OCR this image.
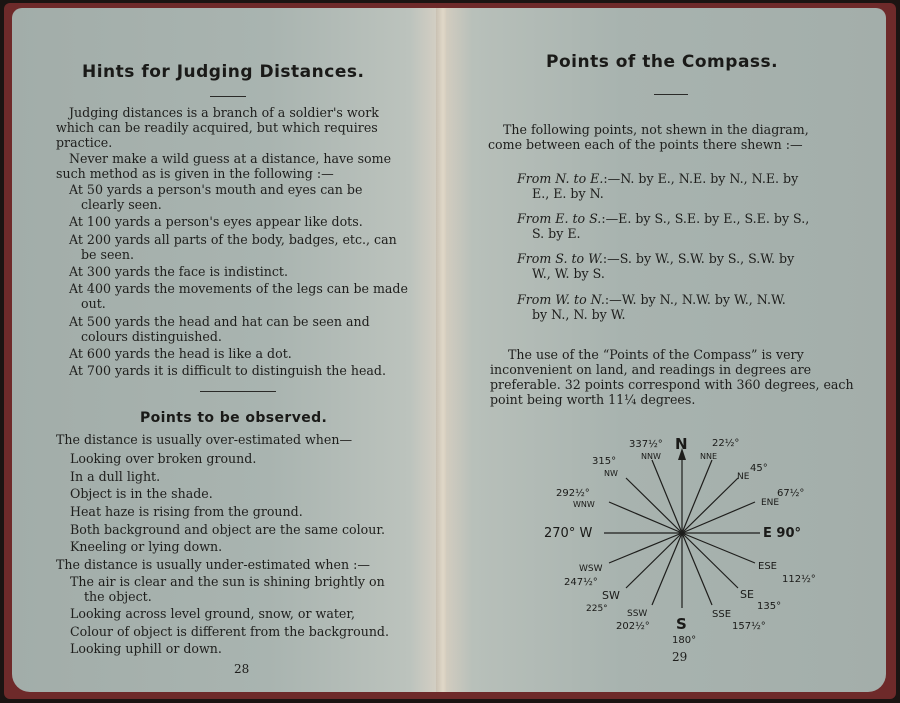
Hints for Judging Distances.
Judging distances is a branch of a soldier's work
which can be readily acquired, but which requires
practice.
Never make a wild guess at a distance, have some
such method as is given in the following :—
At 50 yards a person's mouth and eyes can be
clearly seen.
At 100 yards a person's eyes appear like dots.
At 200 yards all parts of the body, badges, etc., can
be seen.
At 300 yards the face is indistinct.
At 400 yards the movements of the legs can be made
out.
At 500 yards the head and hat can be seen and
colours distinguished.
At 600 yards the head is like a dot.
At 700 yards it is difficult to distinguish the head.
Points to be observed.
The distance is usually over-estimated when—
Looking over broken ground.
In a dull light.
Object is in the shade.
Heat haze is rising from the ground.
Both background and object are the same colour.
Kneeling or lying down.
The distance is usually under-estimated when :—
The air is clear and the sun is shining brightly on
the object.
Looking across level ground, snow, or water,
Colour of object is different from the background.
Looking uphill or down.
28
Points of the Compass.
The following points, not shewn in the diagram,
come between each of the points there shewn :—
From N. to E.:—N. by E., N.E. by N., N.E. by
E., E. by N.
From E. to S.:—E. by S., S.E. by E., S.E. by S.,
S. by E.
From S. to W.:—S. by W., S.W. by S., S.W. by
W., W. by S.
From W. to N.:—W. by N., N.W. by W., N.W.
by N., N. by W.
The use of the “Points of the Compass” is very
inconvenient on land, and readings in degrees are
preferable. 32 points correspond with 360 degrees, each
point being worth 11¼ degrees.
N
E 90°
S
180°
270° W
22½°
NNE
45°
NE
67½°
ENE
ESE
112½°
SE
135°
SSE
157½°
SSW
202½°
SW
225°
WSW
247½°
292½°
WNW
315°
NW
337½°
NNW
29
